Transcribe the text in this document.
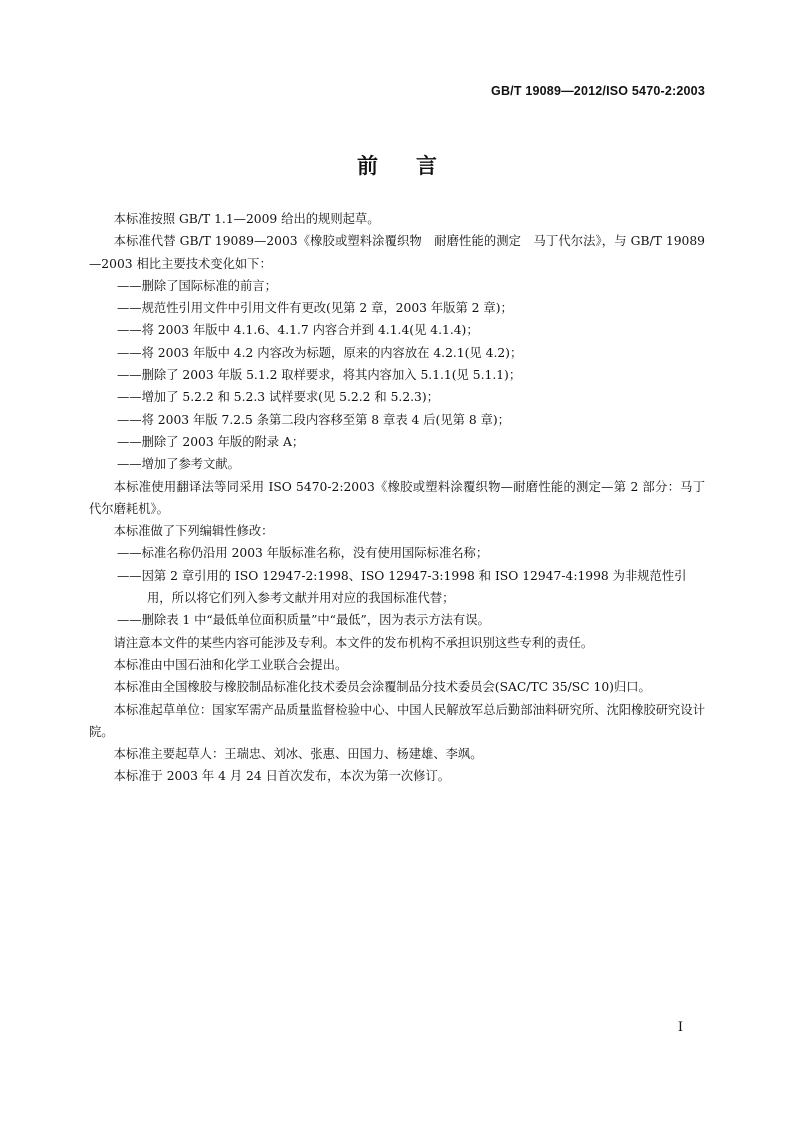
GB/T 19089—2012/ISO 5470-2:2003
前 言

本标准按照 GB/T 1.1—2009 给出的规则起草。

本标准代替 GB/T 19089—2003《橡胶或塑料涂覆织物　耐磨性能的测定　马丁代尔法》，与 GB/T 19089—2003 相比主要技术变化如下：

——删除了国际标准的前言；

——规范性引用文件中引用文件有更改(见第 2 章，2003 年版第 2 章)；

——将 2003 年版中 4.1.6、4.1.7 内容合并到 4.1.4(见 4.1.4)；

——将 2003 年版中 4.2 内容改为标题，原来的内容放在 4.2.1(见 4.2)；

——删除了 2003 年版 5.1.2 取样要求，将其内容加入 5.1.1(见 5.1.1)；

——增加了 5.2.2 和 5.2.3 试样要求(见 5.2.2 和 5.2.3)；

——将 2003 年版 7.2.5 条第二段内容移至第 8 章表 4 后(见第 8 章)；

——删除了 2003 年版的附录 A；

——增加了参考文献。

本标准使用翻译法等同采用 ISO 5470-2:2003《橡胶或塑料涂覆织物—耐磨性能的测定—第 2 部分：马丁代尔磨耗机》。

本标准做了下列编辑性修改：

——标准名称仍沿用 2003 年版标准名称，没有使用国际标准名称；

——因第 2 章引用的 ISO 12947-2:1998、ISO 12947-3:1998 和 ISO 12947-4:1998 为非规范性引用，所以将它们列入参考文献并用对应的我国标准代替；

——删除表 1 中“最低单位面积质量”中“最低”，因为表示方法有误。

请注意本文件的某些内容可能涉及专利。本文件的发布机构不承担识别这些专利的责任。

本标准由中国石油和化学工业联合会提出。

本标准由全国橡胶与橡胶制品标准化技术委员会涂覆制品分技术委员会(SAC/TC 35/SC 10)归口。

本标准起草单位：国家军需产品质量监督检验中心、中国人民解放军总后勤部油料研究所、沈阳橡胶研究设计院。

本标准主要起草人：王瑞忠、刘冰、张惠、田国力、杨建雄、李飒。

本标准于 2003 年 4 月 24 日首次发布，本次为第一次修订。

I
